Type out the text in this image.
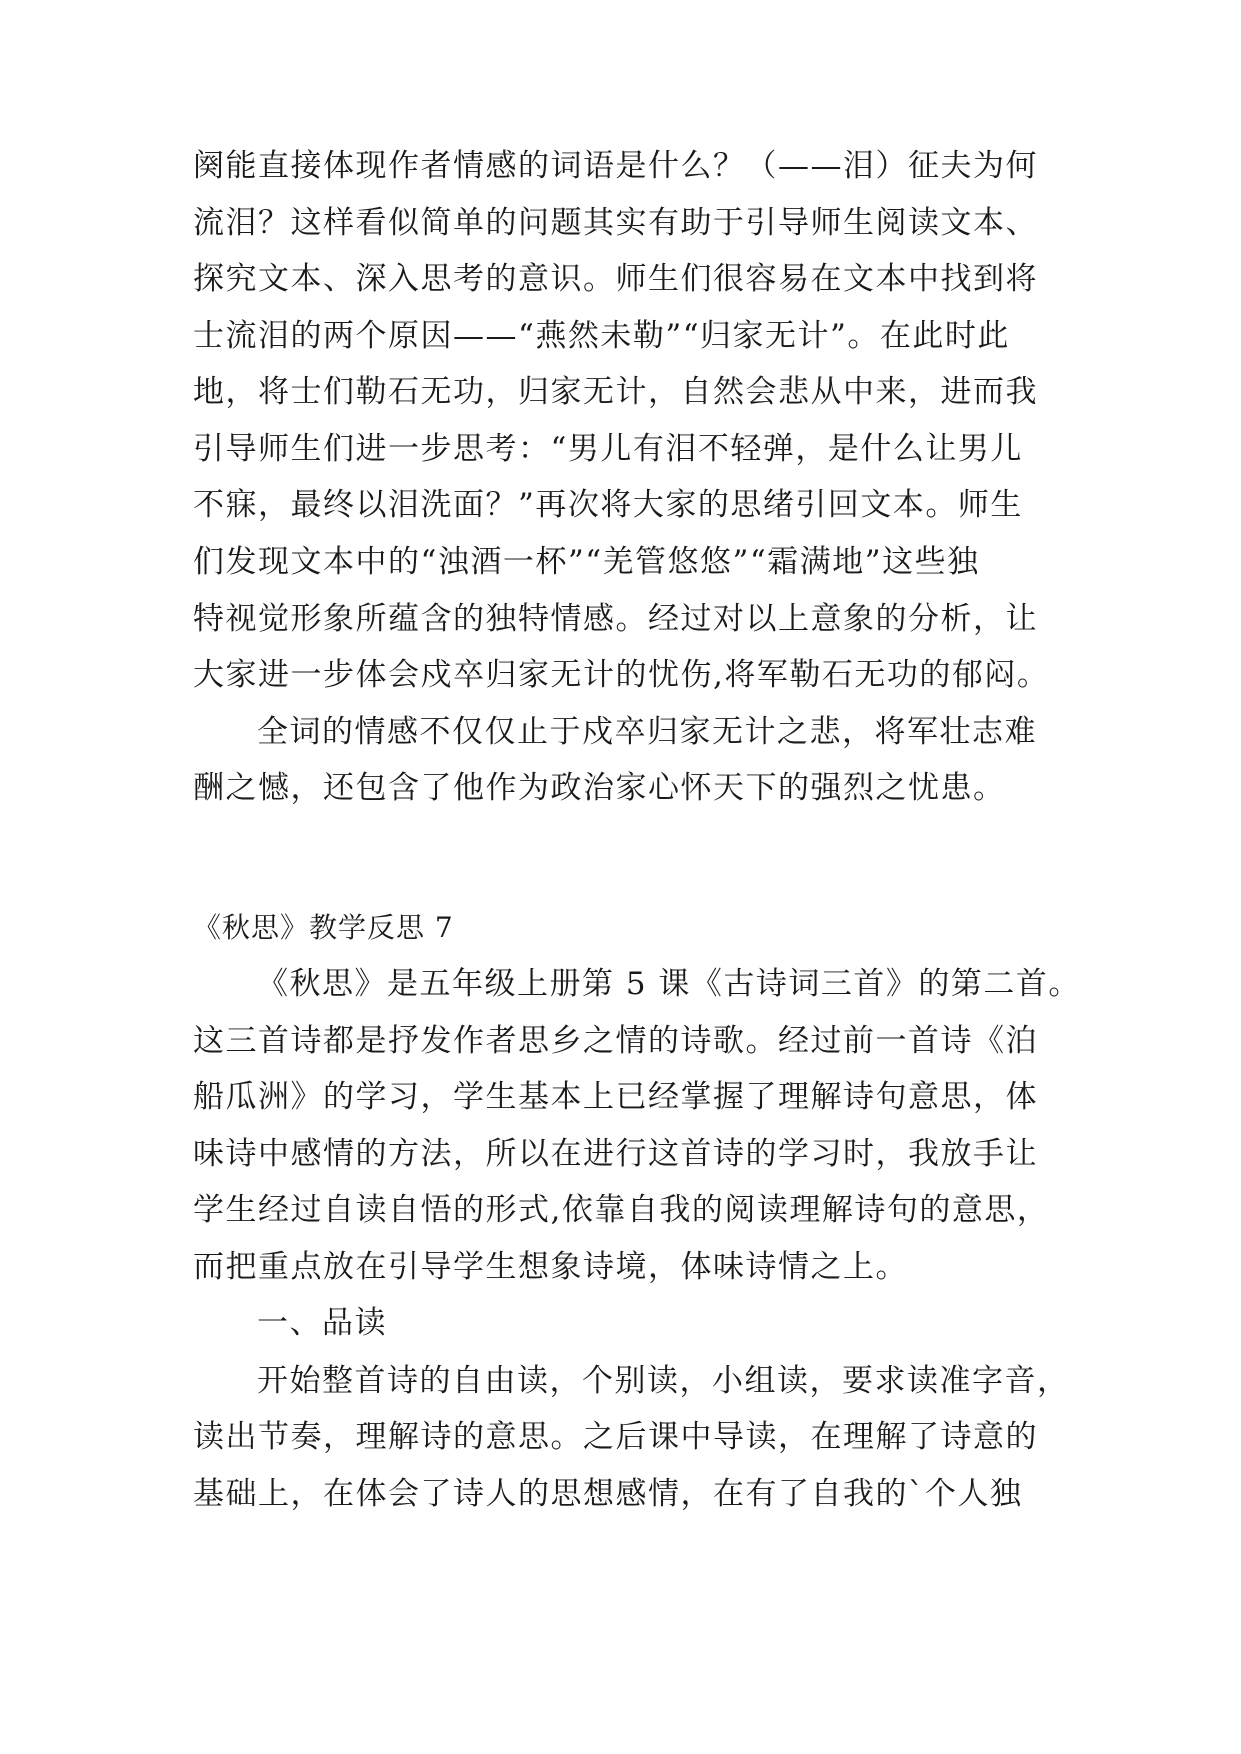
阕能直接体现作者情感的词语是什么？（——泪）征夫为何
流泪？这样看似简单的问题其实有助于引导师生阅读文本、
探究文本、深入思考的意识。师生们很容易在文本中找到将
士流泪的两个原因——“燕然未勒”“归家无计”。在此时此
地，将士们勒石无功，归家无计，自然会悲从中来，进而我
引导师生们进一步思考：“男儿有泪不轻弹，是什么让男儿
不寐，最终以泪洗面？”再次将大家的思绪引回文本。师生
们发现文本中的“浊酒一杯”“羌管悠悠”“霜满地”这些独
特视觉形象所蕴含的独特情感。经过对以上意象的分析，让
大家进一步体会戍卒归家无计的忧伤,将军勒石无功的郁闷。
全词的情感不仅仅止于戍卒归家无计之悲，将军壮志难
酬之憾，还包含了他作为政治家心怀天下的强烈之忧患。
《秋思》教学反思 7
《秋思》是五年级上册第 5 课《古诗词三首》的第二首。
这三首诗都是抒发作者思乡之情的诗歌。经过前一首诗《泊
船瓜洲》的学习，学生基本上已经掌握了理解诗句意思，体
味诗中感情的方法，所以在进行这首诗的学习时，我放手让
学生经过自读自悟的形式,依靠自我的阅读理解诗句的意思，
而把重点放在引导学生想象诗境，体味诗情之上。
一、品读
开始整首诗的自由读，个别读，小组读，要求读准字音，
读出节奏，理解诗的意思。之后课中导读，在理解了诗意的
基础上，在体会了诗人的思想感情，在有了自我的`个人独
